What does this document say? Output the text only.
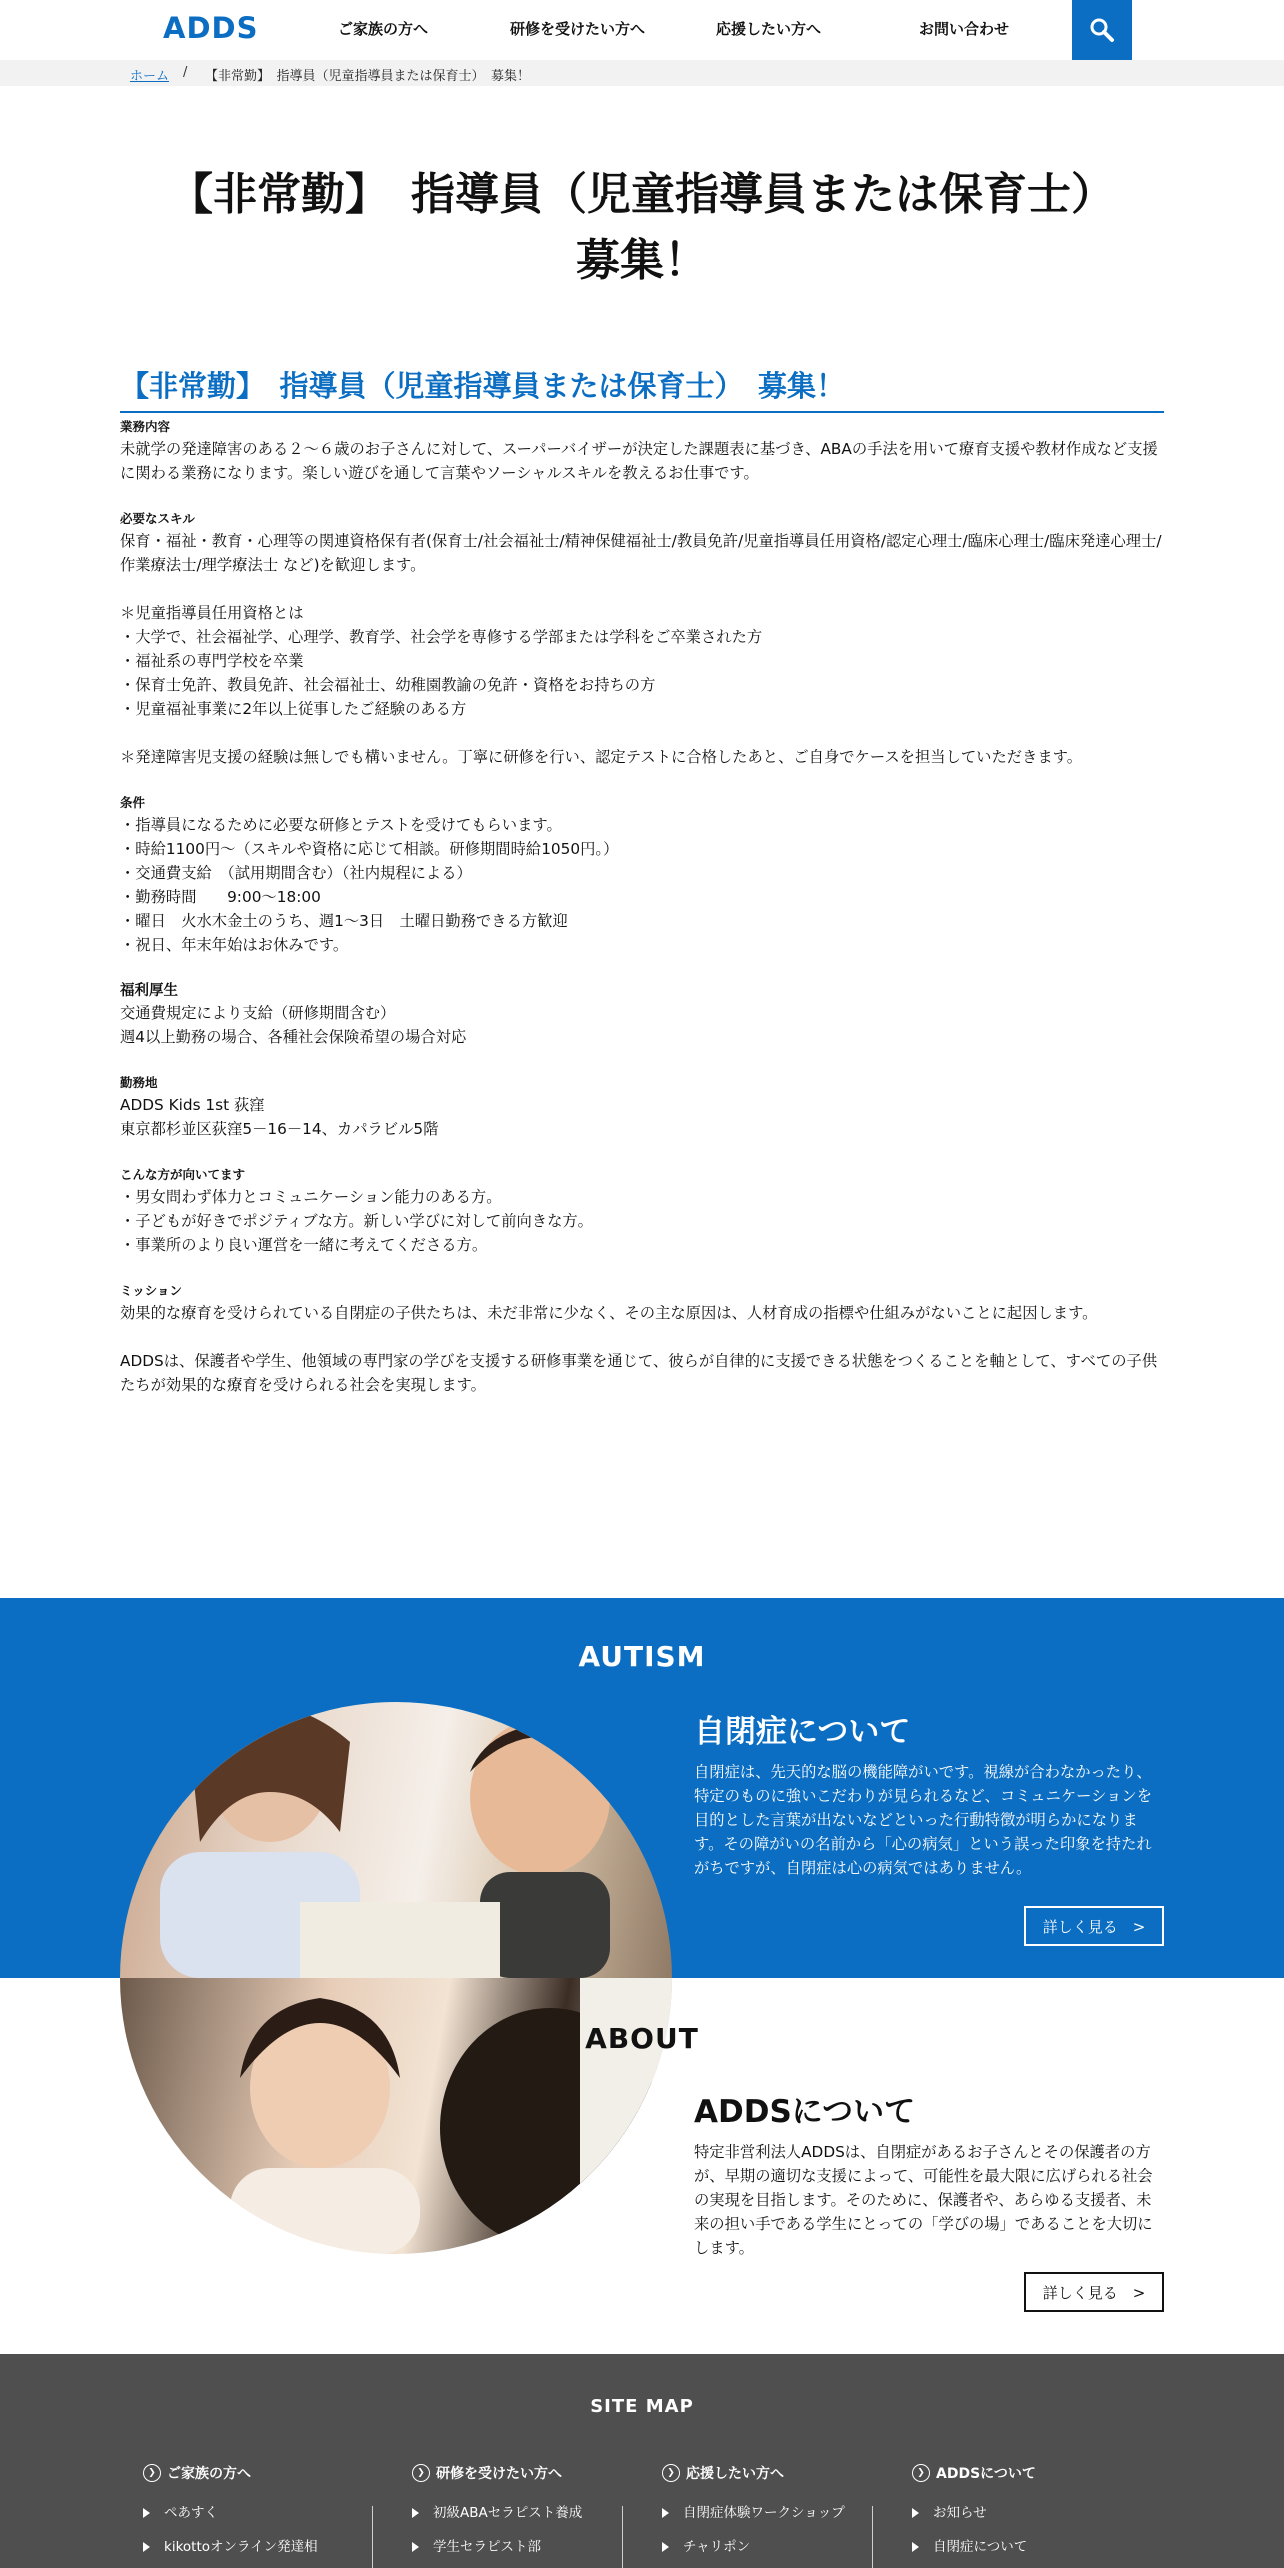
ADDS	ご家族の方へ	研修を受けたい方へ	応援したい方へ	お問い合わせ
ホーム / 【非常勤】　指導員（児童指導員または保育士）　募集！
【非常勤】　指導員（児童指導員または保育士）
募集！
【非常勤】　指導員（児童指導員または保育士）　募集！

業務内容

未就学の発達障害のある２～６歳のお子さんに対して、スーパーバイザーが決定した課題表に基づき、ABAの手法を用いて療育支援や教材作成など支援に関わる業務になります。楽しい遊びを通して言葉やソーシャルスキルを教えるお仕事です。

必要なスキル

保育・福祉・教育・心理等の関連資格保有者(保育士/社会福祉士/精神保健福祉士/教員免許/児童指導員任用資格/認定心理士/臨床心理士/臨床発達心理士/作業療法士/理学療法士 など)を歓迎します。

＊児童指導員任用資格とは

・大学で、社会福祉学、心理学、教育学、社会学を専修する学部または学科をご卒業された方

・福祉系の専門学校を卒業

・保育士免許、教員免許、社会福祉士、幼稚園教諭の免許・資格をお持ちの方

・児童福祉事業に2年以上従事したご経験のある方

＊発達障害児支援の経験は無しでも構いません。丁寧に研修を行い、認定テストに合格したあと、ご自身でケースを担当していただきます。

条件

・指導員になるために必要な研修とテストを受けてもらいます。

・時給1100円～（スキルや資格に応じて相談。研修期間時給1050円。）

・交通費支給　（試用期間含む）（社内規程による）

・勤務時間　　9:00～18:00

・曜日　火水木金土のうち、週1～3日　土曜日勤務できる方歓迎

・祝日、年末年始はお休みです。

福利厚生

交通費規定により支給（研修期間含む）

週4以上勤務の場合、各種社会保険希望の場合対応

勤務地

ADDS Kids 1st 荻窪

東京都杉並区荻窪5－16－14、カパラビル5階

こんな方が向いてます

・男女問わず体力とコミュニケーション能力のある方。

・子どもが好きでポジティブな方。新しい学びに対して前向きな方。

・事業所のより良い運営を一緒に考えてくださる方。

ミッション

効果的な療育を受けられている自閉症の子供たちは、未だ非常に少なく、その主な原因は、人材育成の指標や仕組みがないことに起因します。

ADDSは、保護者や学生、他領域の専門家の学びを支援する研修事業を通じて、彼らが自律的に支援できる状態をつくることを軸として、すべての子供たちが効果的な療育を受けられる社会を実現します。

AUTISM
自閉症について

自閉症は、先天的な脳の機能障がいです。視線が合わなかったり、特定のものに強いこだわりが見られるなど、コミュニケーションを目的とした言葉が出ないなどといった行動特徴が明らかになります。その障がいの名前から「心の病気」という誤った印象を持たれがちですが、自閉症は心の病気ではありません。

詳しく見る　>
ABOUT
ADDSについて

特定非営利法人ADDSは、自閉症があるお子さんとその保護者の方が、早期の適切な支援によって、可能性を最大限に広げられる社会の実現を目指します。そのために、保護者や、あらゆる支援者、未来の担い手である学生にとっての「学びの場」であることを大切にします。

詳しく見る　>
SITE MAP
❯ ご家族の方へ
ペあすく
kikottoオンライン発達相
❯ 研修を受けたい方へ
初級ABAセラピスト養成
学生セラピスト部
❯ 応援したい方へ
自閉症体験ワークショップ
チャリポン
❯ ADDSについて
お知らせ
自閉症について
